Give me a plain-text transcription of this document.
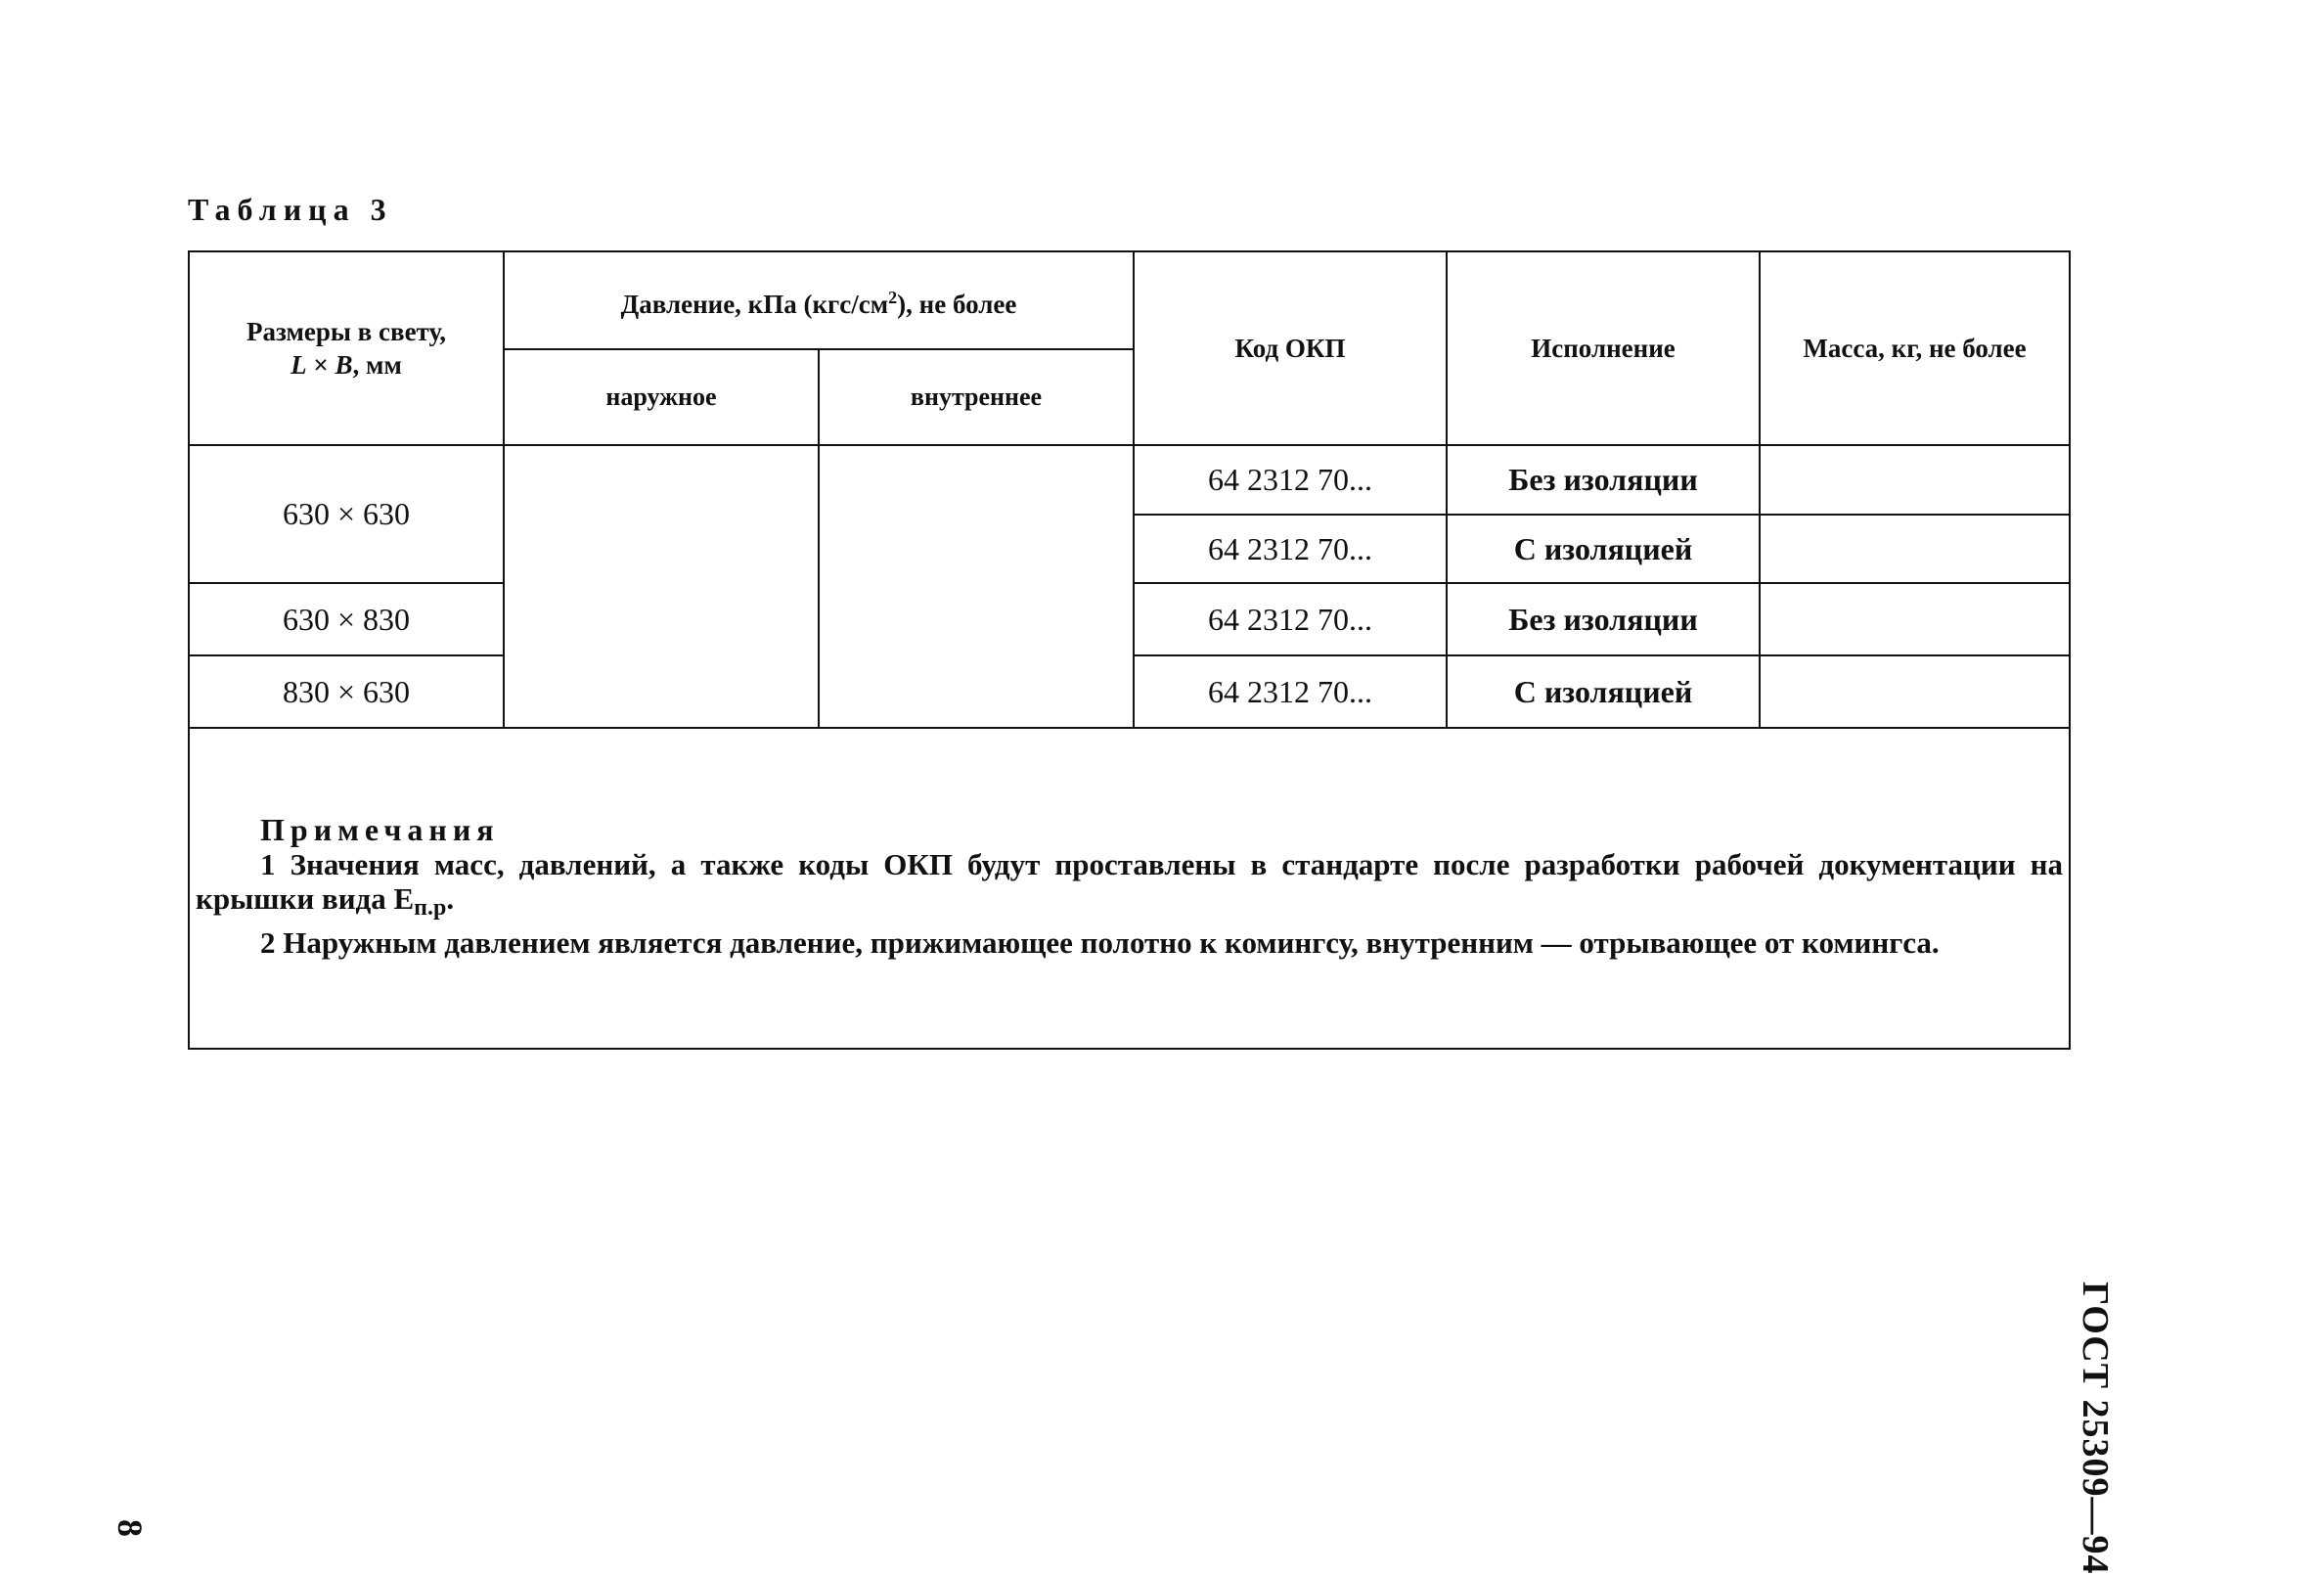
Таблица 3
Размеры в свету,
L × B, мм	Давление, кПа $(кгс/см^2)$, не более		Код ОКП	Исполнение	Масса, кг, не более
	наружное	внутреннее			
630 × 630			64 2312 70...	Без изоляции	
			64 2312 70...	С изоляцией	
630 × 830			64 2312 70...	Без изоляции	
830 × 630			64 2312 70...	С изоляцией	

Примечания
1 Значения масс, давлений, а также коды ОКП будут проставлены в стандарте после разработки рабочей документации на крышки вида $Е_{п.р}$.
2 Наружным давлением является давление, прижимающее полотно к комингсу, внутренним — отрывающее от комингса.					
ГОСТ 25309—94
8
